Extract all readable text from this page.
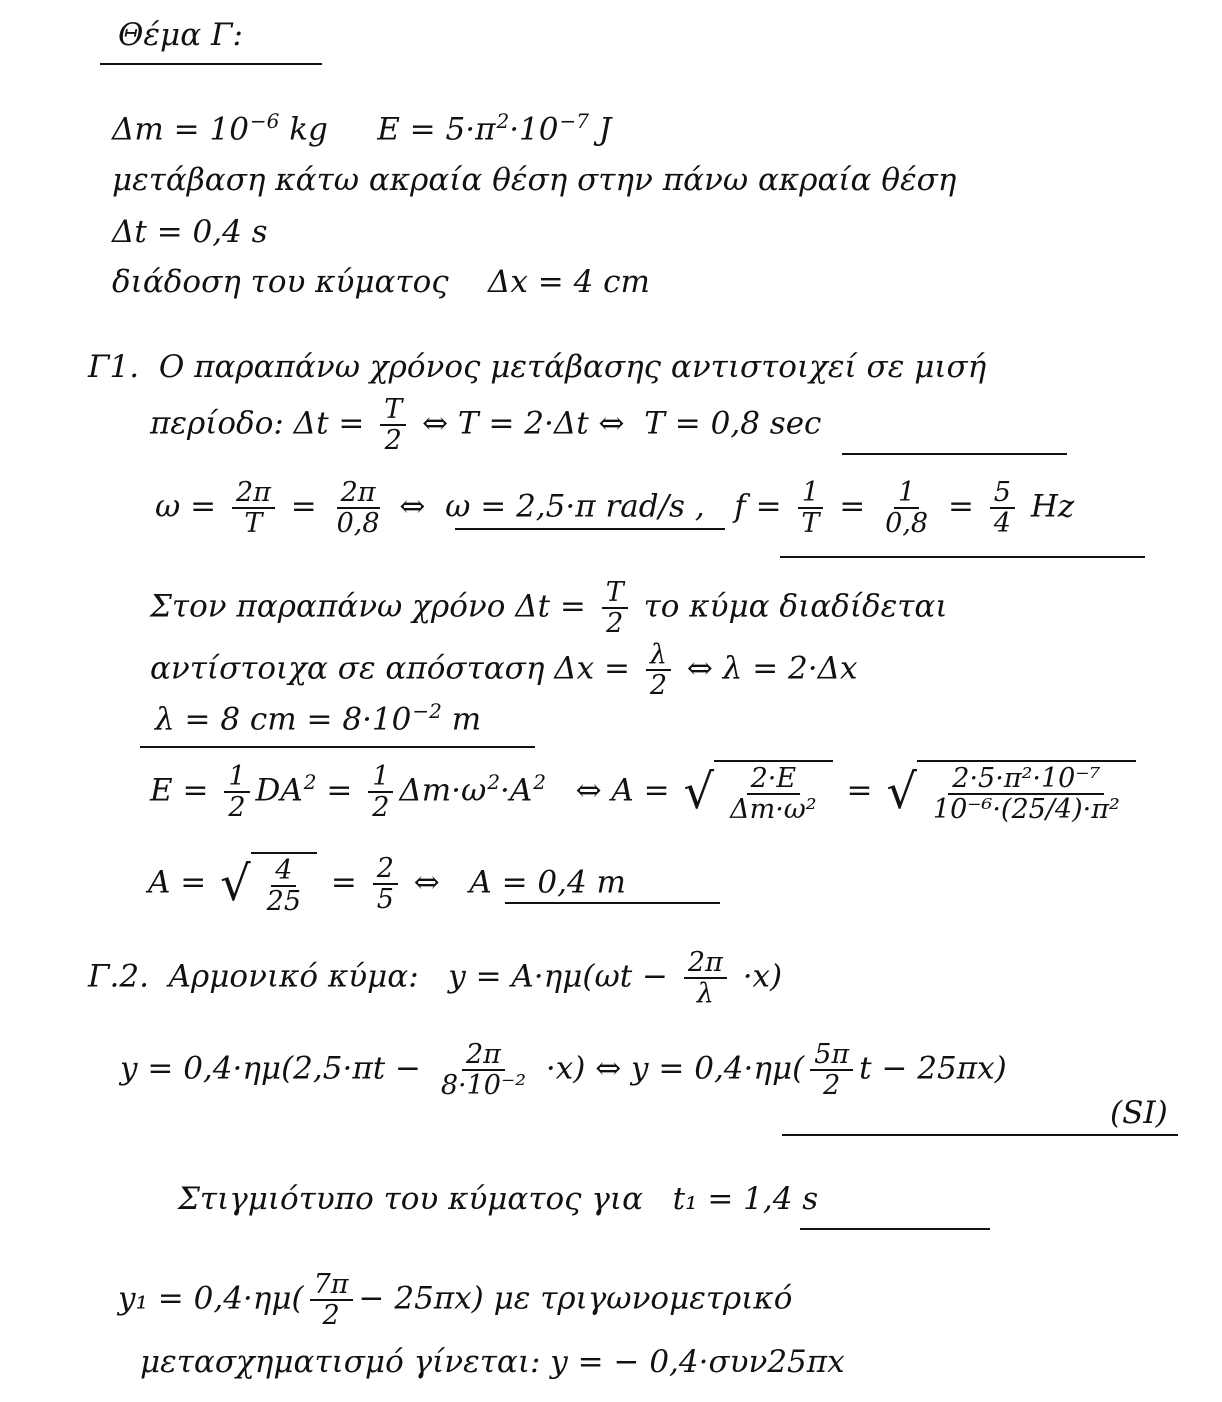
Θέμα Γ:
$\Delta m = 10^{-6}$ kg $E = 5\cdot\pi^2\cdot 10^{-7}$ J
μετάβαση κάτω ακραία θέση στην πάνω ακραία θέση
Δt = 0,4 s
διάδοση του κύματος Δx = 4 cm
Γ1. Ο παραπάνω χρόνος μετάβασης αντιστοιχεί σε μισή
περίοδο: $\Delta t = \frac{T}{2}$ ⇔ T = 2·Δt ⇔ T = 0,8 sec
$\omega = \frac{2\pi}{T} = \frac{2\pi}{0,8}$ ⇔ ω = 2,5·π rad/s , $f = \frac{1}{T} = \frac{1}{0,8} = \frac{5}{4}$ Hz
Στον παραπάνω χρόνο $\Delta t = \frac{T}{2}$ το κύμα διαδίδεται
αντίστοιχα σε απόσταση $\Delta x = \frac{\lambda}{2}$ ⇔ λ = 2·Δx
λ = 8 cm = $8\cdot 10^{-2}$ m
$E = \frac{1}{2} DA^2 = \frac{1}{2} \Delta m\cdot\omega^2\cdot A^2$ ⇔ A = √ $\frac{2\cdot E}{\text{Δm·ω²}}$ = √ $\frac{\text{2·5·π²·10⁻⁷}}{\text{10⁻⁶·(25/4)·π²}}$
A = √ $\frac{4}{25} = \frac{2}{5}$ ⇔ A = 0,4 m
Γ.2. Αρμονικό κύμα: $y = A\cdot\eta\mu(\omega t - \frac{2\pi}{\lambda} \cdot x)$
$y = 0,4\cdot\eta\mu(2,5\cdot\pi t - \frac{2\pi}{\text{8·10⁻²}} \cdot x)$ ⇔ $y = 0,4\cdot\eta\mu( \frac{5\pi}{2}$ t − 25πx)
(SI)
Στιγμιότυπο του κύματος για t₁ = 1,4 s
$y_1 = 0,4\cdot\eta\mu( \frac{7\pi}{2} - 25\pi x)$ με τριγωνομετρικό
μετασχηματισμό γίνεται: y = − 0,4·συν25πx
